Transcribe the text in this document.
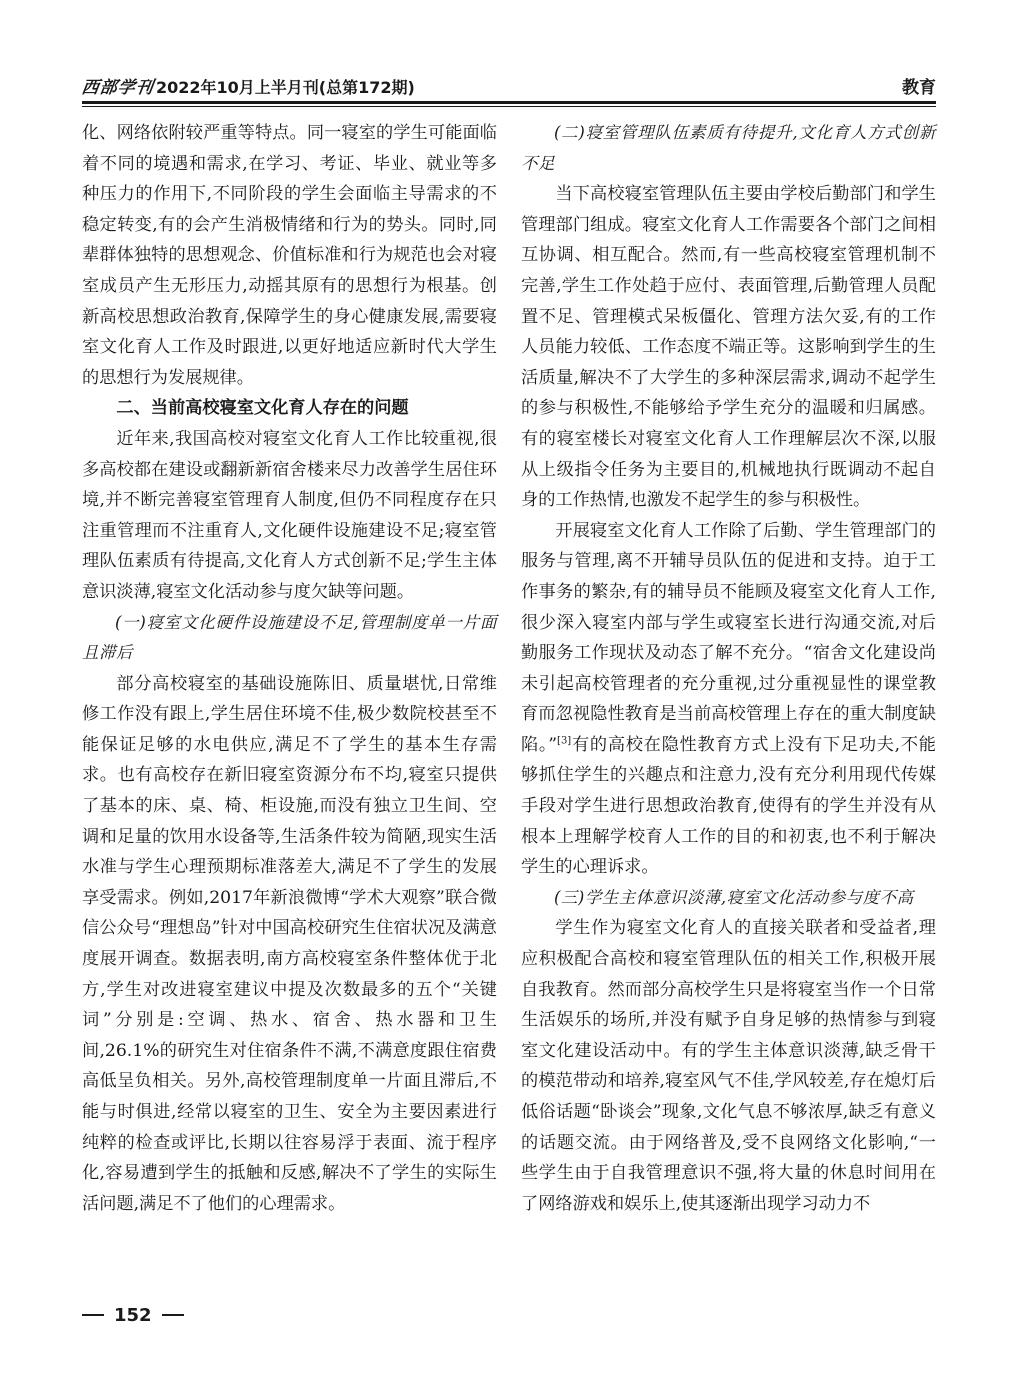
西部学刊 2022年10月上半月刊(总第172期)	教育

化、网络依附较严重等特点。同一寝室的学生可能面临着不同的境遇和需求,在学习、考证、毕业、就业等多种压力的作用下,不同阶段的学生会面临主导需求的不稳定转变,有的会产生消极情绪和行为的势头。同时,同辈群体独特的思想观念、价值标准和行为规范也会对寝室成员产生无形压力,动摇其原有的思想行为根基。创新高校思想政治教育,保障学生的身心健康发展,需要寝室文化育人工作及时跟进,以更好地适应新时代大学生的思想行为发展规律。

二、当前高校寝室文化育人存在的问题

近年来,我国高校对寝室文化育人工作比较重视,很多高校都在建设或翻新新宿舍楼来尽力改善学生居住环境,并不断完善寝室管理育人制度,但仍不同程度存在只注重管理而不注重育人,文化硬件设施建设不足;寝室管理队伍素质有待提高,文化育人方式创新不足;学生主体意识淡薄,寝室文化活动参与度欠缺等问题。

(一)寝室文化硬件设施建设不足,管理制度单一片面且滞后

部分高校寝室的基础设施陈旧、质量堪忧,日常维修工作没有跟上,学生居住环境不佳,极少数院校甚至不能保证足够的水电供应,满足不了学生的基本生存需求。也有高校存在新旧寝室资源分布不均,寝室只提供了基本的床、桌、椅、柜设施,而没有独立卫生间、空调和足量的饮用水设备等,生活条件较为简陋,现实生活水准与学生心理预期标准落差大,满足不了学生的发展享受需求。例如,2017年新浪微博“学术大观察”联合微信公众号“理想岛”针对中国高校研究生住宿状况及满意度展开调查。数据表明,南方高校寝室条件整体优于北方,学生对改进寝室建议中提及次数最多的五个“关键词”分别是:空调、热水、宿舍、热水器和卫生间,26.1%的研究生对住宿条件不满,不满意度跟住宿费高低呈负相关。另外,高校管理制度单一片面且滞后,不能与时俱进,经常以寝室的卫生、安全为主要因素进行纯粹的检查或评比,长期以往容易浮于表面、流于程序化,容易遭到学生的抵触和反感,解决不了学生的实际生活问题,满足不了他们的心理需求。

(二)寝室管理队伍素质有待提升,文化育人方式创新不足

当下高校寝室管理队伍主要由学校后勤部门和学生管理部门组成。寝室文化育人工作需要各个部门之间相互协调、相互配合。然而,有一些高校寝室管理机制不完善,学生工作处趋于应付、表面管理,后勤管理人员配置不足、管理模式呆板僵化、管理方法欠妥,有的工作人员能力较低、工作态度不端正等。这影响到学生的生活质量,解决不了大学生的多种深层需求,调动不起学生的参与积极性,不能够给予学生充分的温暖和归属感。有的寝室楼长对寝室文化育人工作理解层次不深,以服从上级指令任务为主要目的,机械地执行既调动不起自身的工作热情,也激发不起学生的参与积极性。

开展寝室文化育人工作除了后勤、学生管理部门的服务与管理,离不开辅导员队伍的促进和支持。迫于工作事务的繁杂,有的辅导员不能顾及寝室文化育人工作,很少深入寝室内部与学生或寝室长进行沟通交流,对后勤服务工作现状及动态了解不充分。“宿舍文化建设尚未引起高校管理者的充分重视,过分重视显性的课堂教育而忽视隐性教育是当前高校管理上存在的重大制度缺陷。”[3]有的高校在隐性教育方式上没有下足功夫,不能够抓住学生的兴趣点和注意力,没有充分利用现代传媒手段对学生进行思想政治教育,使得有的学生并没有从根本上理解学校育人工作的目的和初衷,也不利于解决学生的心理诉求。

(三)学生主体意识淡薄,寝室文化活动参与度不高

学生作为寝室文化育人的直接关联者和受益者,理应积极配合高校和寝室管理队伍的相关工作,积极开展自我教育。然而部分高校学生只是将寝室当作一个日常生活娱乐的场所,并没有赋予自身足够的热情参与到寝室文化建设活动中。有的学生主体意识淡薄,缺乏骨干的模范带动和培养,寝室风气不佳,学风较差,存在熄灯后低俗话题“卧谈会”现象,文化气息不够浓厚,缺乏有意义的话题交流。由于网络普及,受不良网络文化影响,“一些学生由于自我管理意识不强,将大量的休息时间用在了网络游戏和娱乐上,使其逐渐出现学习动力不

152
